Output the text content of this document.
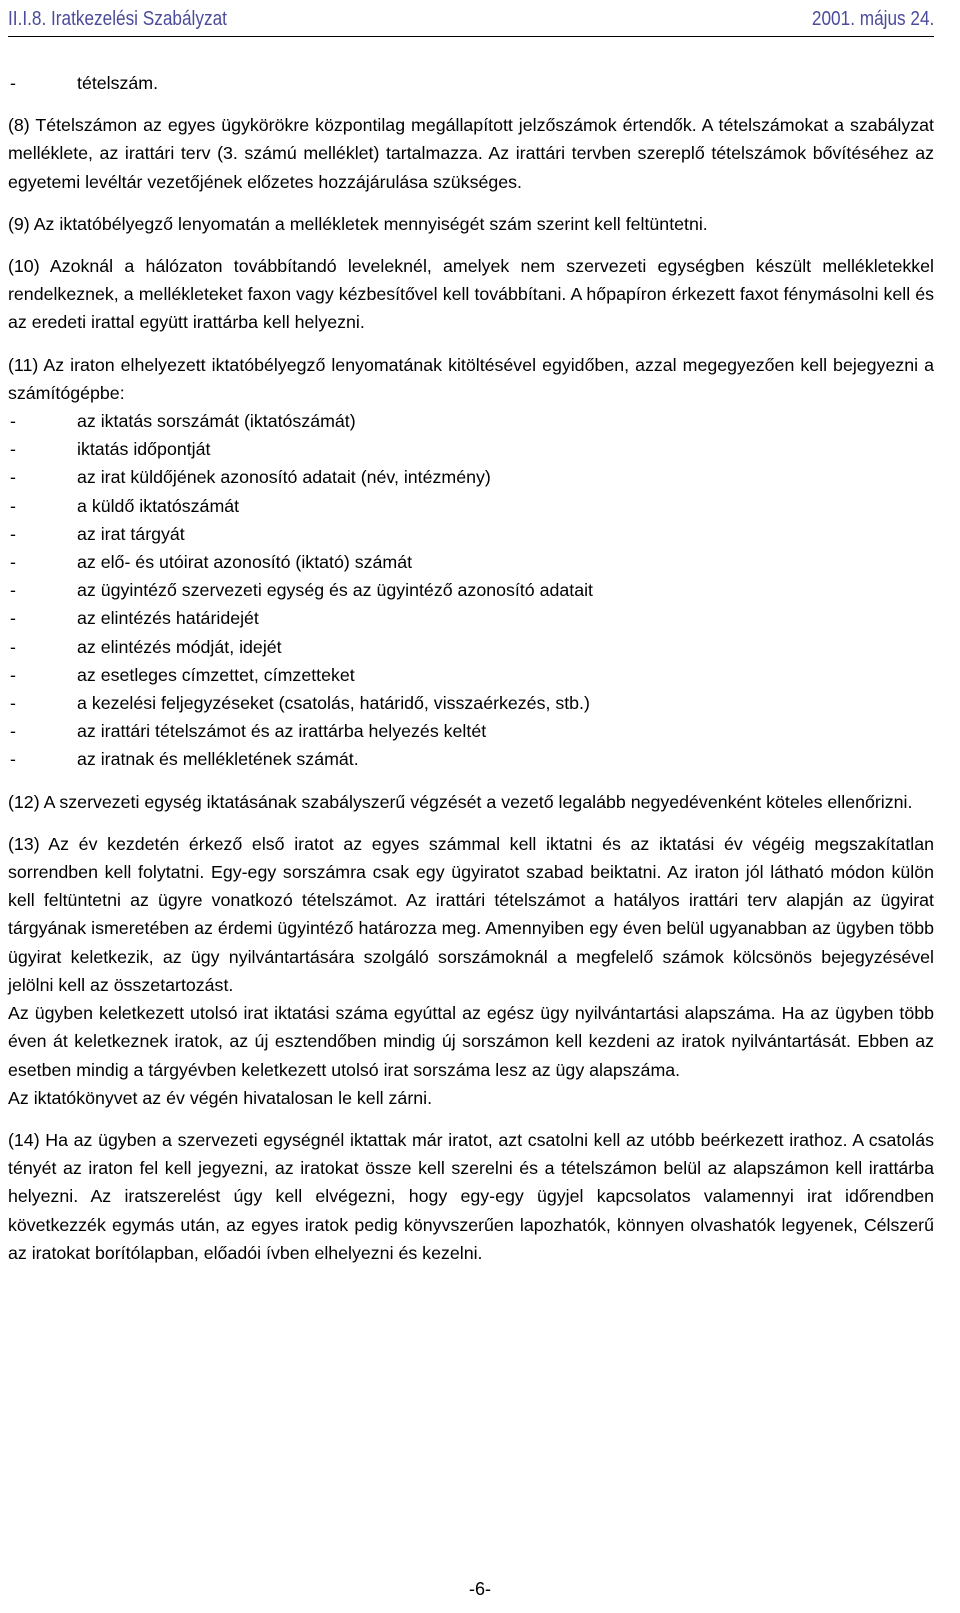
II.I.8. Iratkezelési Szabályzat	2001. május 24.
-	tételszám.

(8) Tételszámon az egyes ügykörökre központilag megállapított jelzőszámok értendők. A tételszámokat a szabályzat melléklete, az irattári terv (3. számú melléklet) tartalmazza. Az irattári tervben szereplő tételszámok bővítéséhez az egyetemi levéltár vezetőjének előzetes hozzájárulása szükséges.

(9) Az iktatóbélyegző lenyomatán a mellékletek mennyiségét szám szerint kell feltüntetni.

(10) Azoknál a hálózaton továbbítandó leveleknél, amelyek nem szervezeti egységben készült mellékletekkel rendelkeznek, a mellékleteket faxon vagy kézbesítővel kell továbbítani. A hőpapíron érkezett faxot fénymásolni kell és az eredeti irattal együtt irattárba kell helyezni.

(11) Az iraton elhelyezett iktatóbélyegző lenyomatának kitöltésével egyidőben, azzal megegyezően kell bejegyezni a számítógépbe:

-	az iktatás sorszámát (iktatószámát)
-	iktatás időpontját
-	az irat küldőjének azonosító adatait (név, intézmény)
-	a küldő iktatószámát
-	az irat tárgyát
-	az elő- és utóirat azonosító (iktató) számát
-	az ügyintéző szervezeti egység és az ügyintéző azonosító adatait
-	az elintézés határidejét
-	az elintézés módját, idejét
-	az esetleges címzettet, címzetteket
-	a kezelési feljegyzéseket (csatolás, határidő, visszaérkezés, stb.)
-	az irattári tételszámot és az irattárba helyezés keltét
-	az iratnak és mellékletének számát.

(12) A szervezeti egység iktatásának szabályszerű végzését a vezető legalább negyedévenként köteles ellenőrizni.

(13) Az év kezdetén érkező első iratot az egyes számmal kell iktatni és az iktatási év végéig megszakítatlan sorrendben kell folytatni. Egy-egy sorszámra csak egy ügyiratot szabad beiktatni. Az iraton jól látható módon külön kell feltüntetni az ügyre vonatkozó tételszámot. Az irattári tételszámot a hatályos irattári terv alapján az ügyirat tárgyának ismeretében az érdemi ügyintéző határozza meg. Amennyiben egy éven belül ugyanabban az ügyben több ügyirat keletkezik, az ügy nyilvántartására szolgáló sorszámoknál a megfelelő számok kölcsönös bejegyzésével jelölni kell az összetartozást.
Az ügyben keletkezett utolsó irat iktatási száma egyúttal az egész ügy nyilvántartási alapszáma. Ha az ügyben több éven át keletkeznek iratok, az új esztendőben mindig új sorszámon kell kezdeni az iratok nyilvántartását. Ebben az esetben mindig a tárgyévben keletkezett utolsó irat sorszáma lesz az ügy alapszáma.
Az iktatókönyvet az év végén hivatalosan le kell zárni.

(14) Ha az ügyben a szervezeti egységnél iktattak már iratot, azt csatolni kell az utóbb beérkezett irathoz. A csatolás tényét az iraton fel kell jegyezni, az iratokat össze kell szerelni és a tételszámon belül az alapszámon kell irattárba helyezni. Az iratszerelést úgy kell elvégezni, hogy egy-egy ügyjel kapcsolatos valamennyi irat időrendben következzék egymás után, az egyes iratok pedig könyvszerűen lapozhatók, könnyen olvashatók legyenek, Célszerű az iratokat borítólapban, előadói ívben elhelyezni és kezelni.

-6-
